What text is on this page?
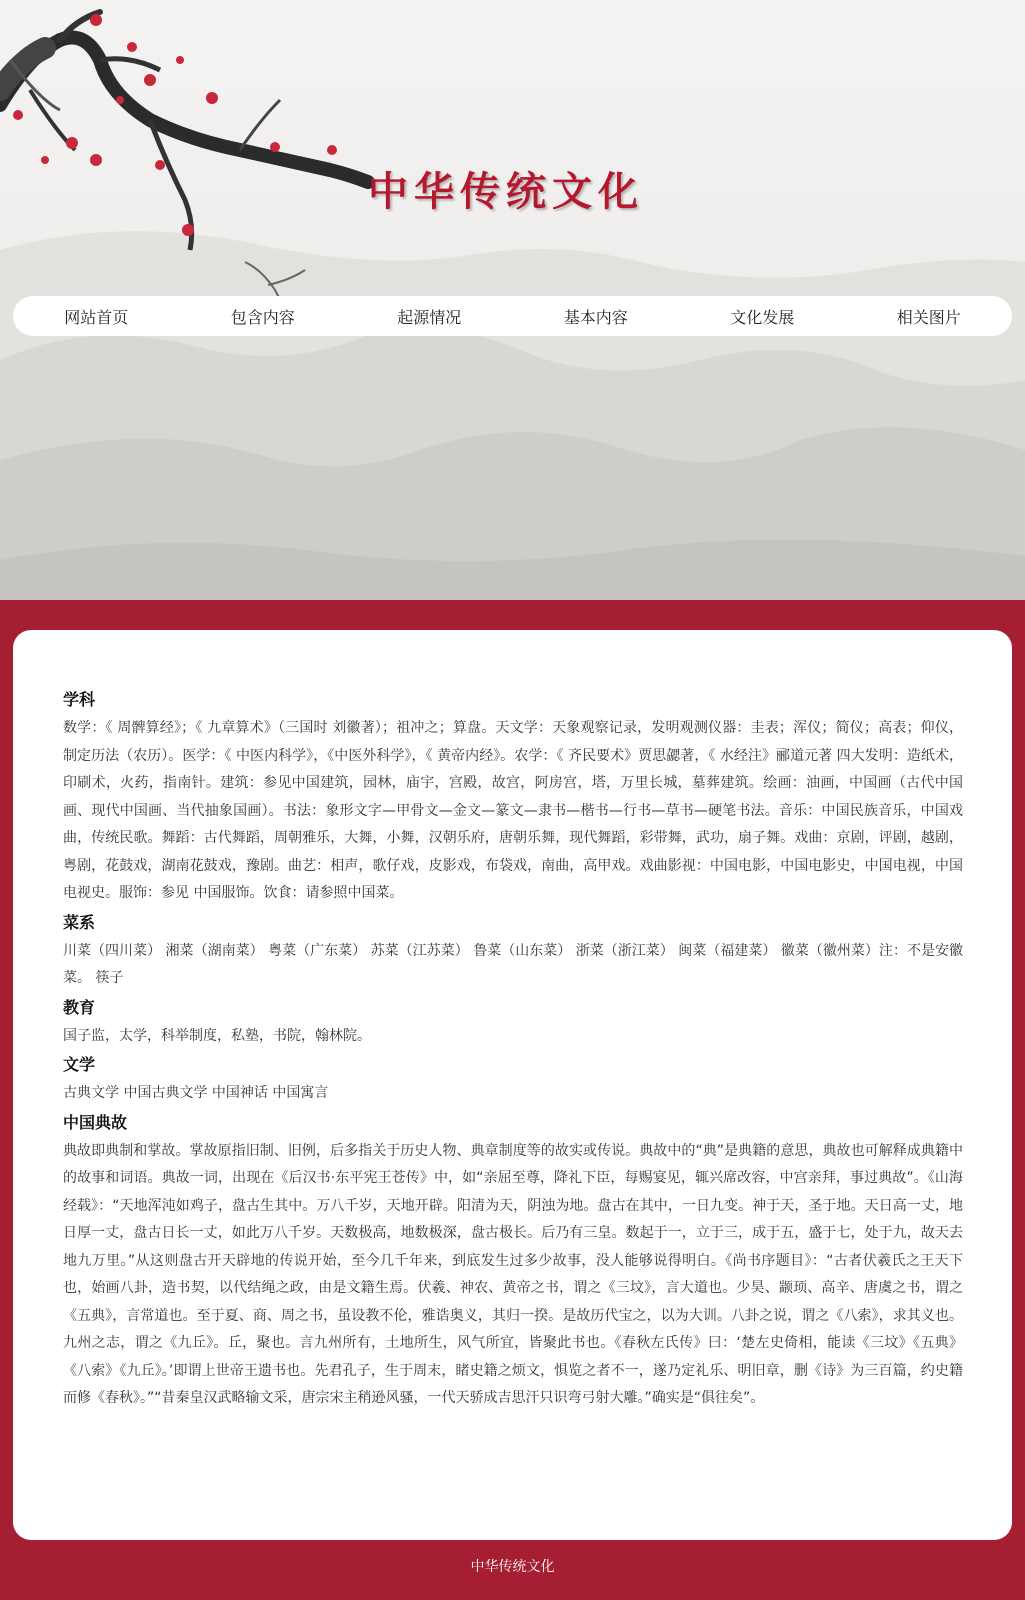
中华传统文化
网站首页	包含内容	起源情况	基本内容	文化发展	相关图片
学科

数学：《 周髀算经》；《 九章算术》（三国时 刘徽著）；祖冲之；算盘。天文学：天象观察记录，发明观测仪器：圭表；浑仪；简仪；高表；仰仪，制定历法（农历）。医学：《 中医内科学》，《中医外科学》，《 黄帝内经》。农学：《 齐民要术》贾思勰著，《 水经注》郦道元著 四大发明：造纸术，印刷术，火药，指南针。建筑：参见中国建筑，园林，庙宇，宫殿，故宫，阿房宫，塔，万里长城，墓葬建筑。绘画：油画，中国画（古代中国画、现代中国画、当代抽象国画）。书法：象形文字—甲骨文—金文—篆文—隶书—楷书—行书—草书—硬笔书法。音乐：中国民族音乐，中国戏曲，传统民歌。舞蹈：古代舞蹈，周朝雅乐，大舞，小舞，汉朝乐府，唐朝乐舞，现代舞蹈，彩带舞，武功，扇子舞。戏曲：京剧，评剧，越剧，粤剧，花鼓戏，湖南花鼓戏，豫剧。曲艺：相声，歌仔戏，皮影戏，布袋戏，南曲，高甲戏。戏曲影视：中国电影，中国电影史，中国电视，中国电视史。服饰：参见 中国服饰。饮食：请参照中国菜。

菜系

川菜（四川菜） 湘菜（湖南菜） 粤菜（广东菜） 苏菜（江苏菜） 鲁菜（山东菜） 浙菜（浙江菜） 闽菜（福建菜） 徽菜（徽州菜）注：不是安徽菜。 筷子

教育

国子监，太学，科举制度，私塾，书院，翰林院。

文学

古典文学 中国古典文学 中国神话 中国寓言

中国典故

典故即典制和掌故。掌故原指旧制、旧例，后多指关于历史人物、典章制度等的故实或传说。典故中的“典”是典籍的意思，典故也可解释成典籍中的故事和词语。典故一词，出现在《后汉书·东平宪王苍传》中，如“亲屈至尊，降礼下臣，每赐宴见，辄兴席改容，中宫亲拜，事过典故”。《山海经载》：“天地浑沌如鸡子，盘古生其中。万八千岁，天地开辟。阳清为天，阴浊为地。盘古在其中，一日九变。神于天，圣于地。天日高一丈，地日厚一丈，盘古日长一丈，如此万八千岁。天数极高，地数极深，盘古极长。后乃有三皇。数起于一，立于三，成于五，盛于七，处于九，故天去地九万里。”从这则盘古开天辟地的传说开始，至今几千年来，到底发生过多少故事，没人能够说得明白。《尚书序题目》：“古者伏羲氏之王天下也，始画八卦，造书契，以代结绳之政，由是文籍生焉。伏羲、神农、黄帝之书，谓之《三坟》，言大道也。少昊、颛顼、高辛、唐虞之书，谓之《五典》，言常道也。至于夏、商、周之书，虽设教不伦，雅诰奥义，其归一揆。是故历代宝之，以为大训。八卦之说，谓之《八索》，求其义也。九州之志，谓之《九丘》。丘，聚也。言九州所有，土地所生，风气所宜，皆聚此书也。《春秋左氏传》曰：‘楚左史倚相，能读《三坟》《五典》《八索》《九丘》。’即谓上世帝王遗书也。先君孔子，生于周末，睹史籍之烦文，惧览之者不一，遂乃定礼乐、明旧章，删《诗》为三百篇，约史籍而修《春秋》。”“昔秦皇汉武略输文采，唐宗宋主稍逊风骚，一代天骄成吉思汗只识弯弓射大雕。”确实是“俱往矣”。

中华传统文化
